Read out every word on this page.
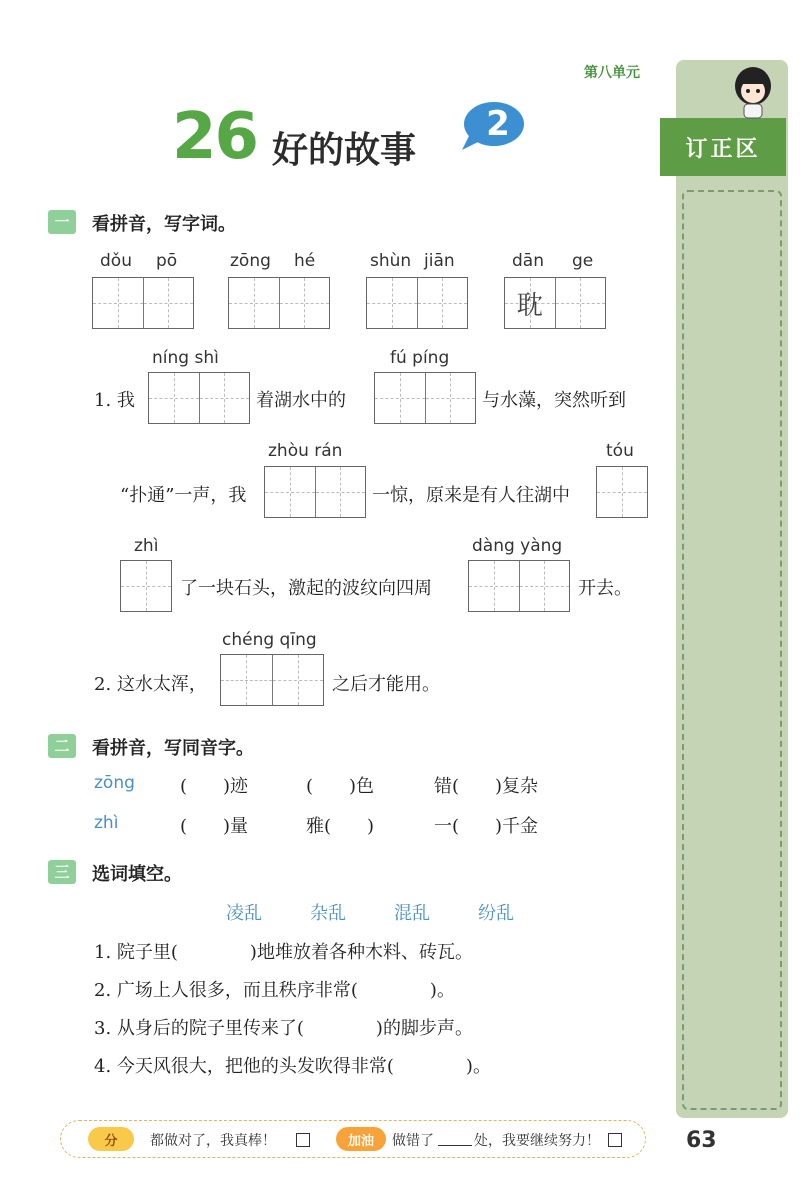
第八单元
26 好的故事
2
订正区
一	看拼音，写字词。
dǒu pō	zōng hé	shùn jiān	dān ge
耽
níng shì
1. 我	着湖水中的
fú píng
与水藻，突然听到
zhòu rán
“扑通”一声，我	一惊，原来是有人往湖中
tóu
zhì
了一块石头，激起的波纹向四周
dàng yàng
开去。
chéng qīng
2. 这水太浑，	之后才能用。
二	看拼音，写同音字。
zōng	(　　)迹	(　　)色	错(　　)复杂
zhì	(　　)量	雅(　　)	一(　　)千金
三	选词填空。
凌乱	杂乱	混乱	纷乱
1. 院子里(　　　　)地堆放着各种木料、砖瓦。
2. 广场上人很多，而且秩序非常(　　　　)。
3. 从身后的院子里传来了(　　　　)的脚步声。
4. 今天风很大，把他的头发吹得非常(　　　　)。
分 都做对了，我真棒！	加油 做错了	处，我要继续努力！	63
